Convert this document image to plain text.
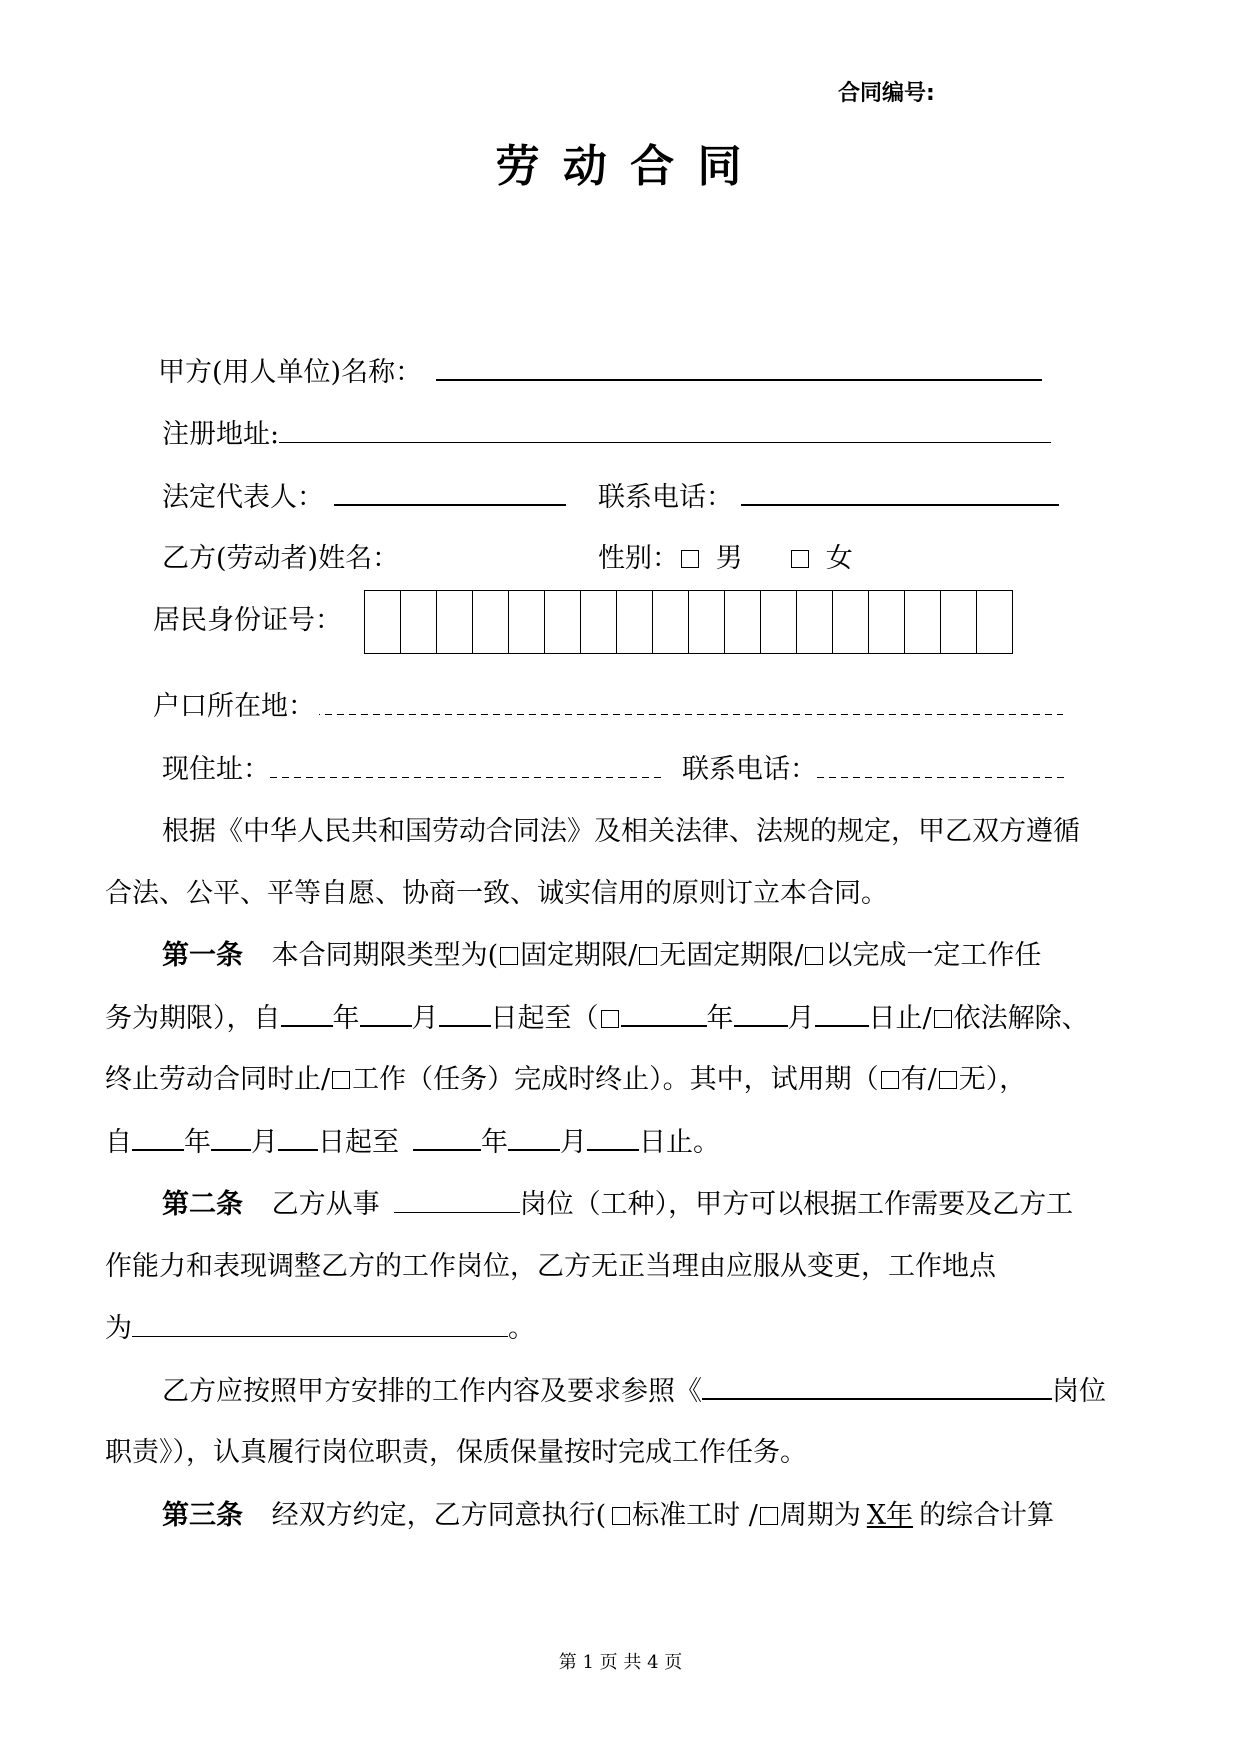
合同编号:
劳 动 合 同
甲方(用人单位)名称：
注册地址:
法定代表人：	联系电话：
乙方(劳动者)姓名：	性别： 男	女
居民身份证号：
户口所在地：
现住址：	联系电话：
根据《中华人民共和国劳动合同法》及相关法律、法规的规定，甲乙双方遵循
合法、公平、平等自愿、协商一致、诚实信用的原则订立本合同。
第一条 本合同期限类型为( 固定期限/ 无固定期限/ 以完成一定工作任
务为期限），自 年 月 日起至（	年 月 日止/ 依法解除、
终止劳动合同时止/ 工作（任务）完成时终止）。其中，试用期（ 有/ 无），
自 年 月 日起至	年 月 日止。
第二条 乙方从事	岗位（工种），甲方可以根据工作需要及乙方工
作能力和表现调整乙方的工作岗位，乙方无正当理由应服从变更，工作地点
为	。
乙方应按照甲方安排的工作内容及要求参照《	岗位
职责》），认真履行岗位职责，保质保量按时完成工作任务。
第三条 经双方约定，乙方同意执行( 标准工时 / 周期为 X年 的综合计算
第 1 页 共 4 页
